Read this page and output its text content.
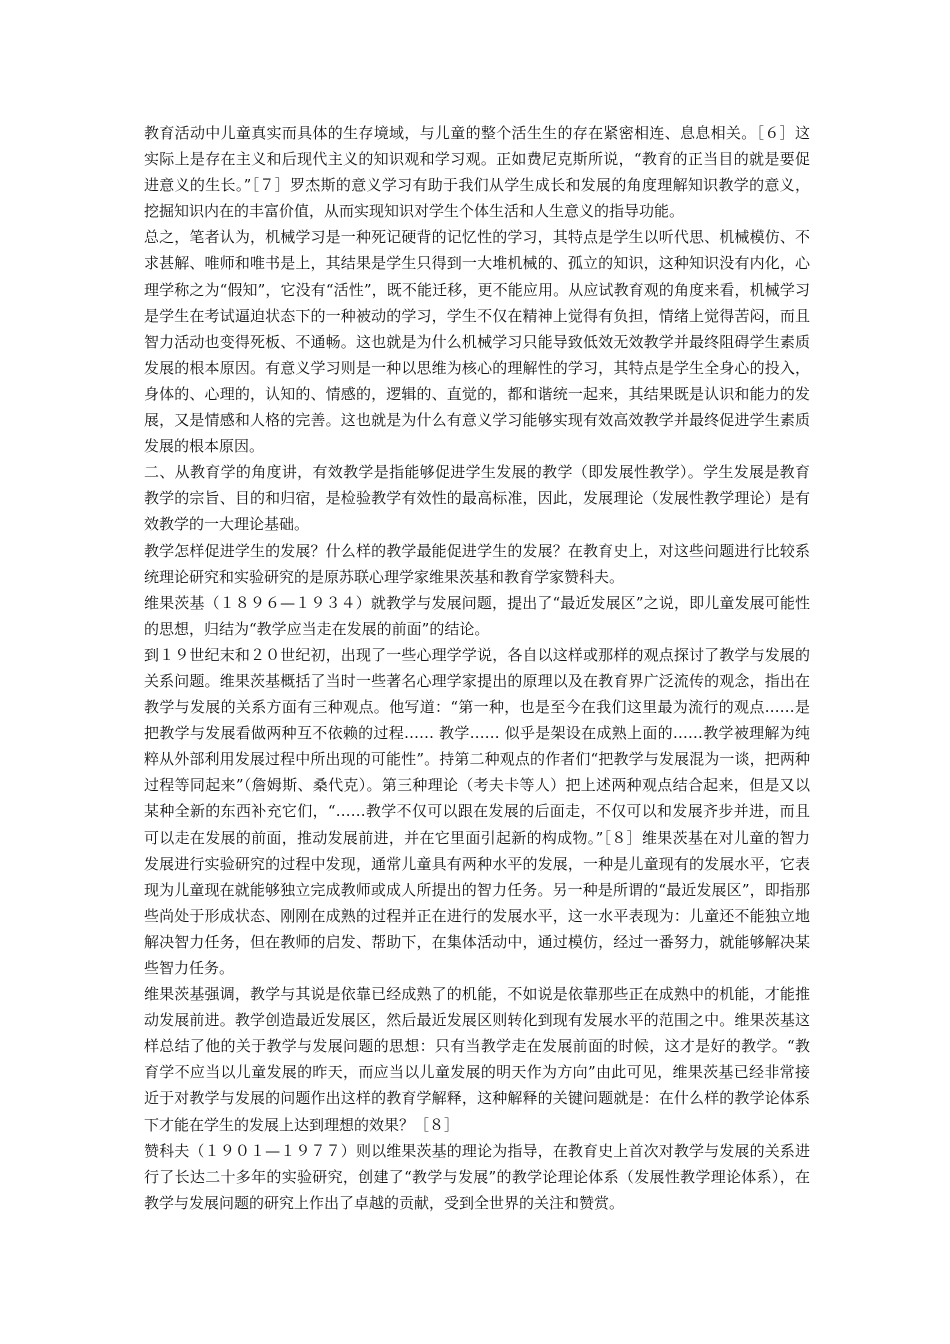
教育活动中儿童真实而具体的生存境域，与儿童的整个活生生的存在紧密相连、息息相关。［６］这实际上是存在主义和后现代主义的知识观和学习观。正如费尼克斯所说，“教育的正当目的就是要促进意义的生长。”［７］罗杰斯的意义学习有助于我们从学生成长和发展的角度理解知识教学的意义，挖掘知识内在的丰富价值，从而实现知识对学生个体生活和人生意义的指导功能。

总之，笔者认为，机械学习是一种死记硬背的记忆性的学习，其特点是学生以听代思、机械模仿、不求甚解、唯师和唯书是上，其结果是学生只得到一大堆机械的、孤立的知识，这种知识没有内化，心理学称之为“假知”，它没有“活性”，既不能迁移，更不能应用。从应试教育观的角度来看，机械学习是学生在考试逼迫状态下的一种被动的学习，学生不仅在精神上觉得有负担，情绪上觉得苦闷，而且智力活动也变得死板、不通畅。这也就是为什么机械学习只能导致低效无效教学并最终阻碍学生素质发展的根本原因。有意义学习则是一种以思维为核心的理解性的学习，其特点是学生全身心的投入，身体的、心理的，认知的、情感的，逻辑的、直觉的，都和谐统一起来，其结果既是认识和能力的发展，又是情感和人格的完善。这也就是为什么有意义学习能够实现有效高效教学并最终促进学生素质发展的根本原因。

二、从教育学的角度讲，有效教学是指能够促进学生发展的教学（即发展性教学）。学生发展是教育教学的宗旨、目的和归宿，是检验教学有效性的最高标准，因此，发展理论（发展性教学理论）是有效教学的一大理论基础。

教学怎样促进学生的发展？什么样的教学最能促进学生的发展？在教育史上，对这些问题进行比较系统理论研究和实验研究的是原苏联心理学家维果茨基和教育学家赞科夫。

维果茨基（１８９６—１９３４）就教学与发展问题，提出了“最近发展区”之说，即儿童发展可能性的思想，归结为“教学应当走在发展的前面”的结论。

到１９世纪末和２０世纪初，出现了一些心理学学说，各自以这样或那样的观点探讨了教学与发展的关系问题。维果茨基概括了当时一些著名心理学家提出的原理以及在教育界广泛流传的观念，指出在教学与发展的关系方面有三种观点。他写道：“第一种，也是至今在我们这里最为流行的观点……是把教学与发展看做两种互不依赖的过程…… 教学…… 似乎是架设在成熟上面的……教学被理解为纯粹从外部利用发展过程中所出现的可能性”。持第二种观点的作者们“把教学与发展混为一谈，把两种过程等同起来”（詹姆斯、桑代克）。第三种理论（考夫卡等人）把上述两种观点结合起来，但是又以某种全新的东西补充它们，“……教学不仅可以跟在发展的后面走，不仅可以和发展齐步并进，而且可以走在发展的前面，推动发展前进，并在它里面引起新的构成物。”［８］维果茨基在对儿童的智力发展进行实验研究的过程中发现，通常儿童具有两种水平的发展，一种是儿童现有的发展水平，它表现为儿童现在就能够独立完成教师或成人所提出的智力任务。另一种是所谓的“最近发展区”，即指那些尚处于形成状态、刚刚在成熟的过程并正在进行的发展水平，这一水平表现为：儿童还不能独立地解决智力任务，但在教师的启发、帮助下，在集体活动中，通过模仿，经过一番努力，就能够解决某些智力任务。

维果茨基强调，教学与其说是依靠已经成熟了的机能，不如说是依靠那些正在成熟中的机能，才能推动发展前进。教学创造最近发展区，然后最近发展区则转化到现有发展水平的范围之中。维果茨基这样总结了他的关于教学与发展问题的思想：只有当教学走在发展前面的时候，这才是好的教学。“教育学不应当以儿童发展的昨天，而应当以儿童发展的明天作为方向”由此可见，维果茨基已经非常接近于对教学与发展的问题作出这样的教育学解释，这种解释的关键问题就是：在什么样的教学论体系下才能在学生的发展上达到理想的效果？［８］

赞科夫（１９０１—１９７７）则以维果茨基的理论为指导，在教育史上首次对教学与发展的关系进行了长达二十多年的实验研究，创建了“教学与发展”的教学论理论体系（发展性教学理论体系），在教学与发展问题的研究上作出了卓越的贡献，受到全世界的关注和赞赏。
